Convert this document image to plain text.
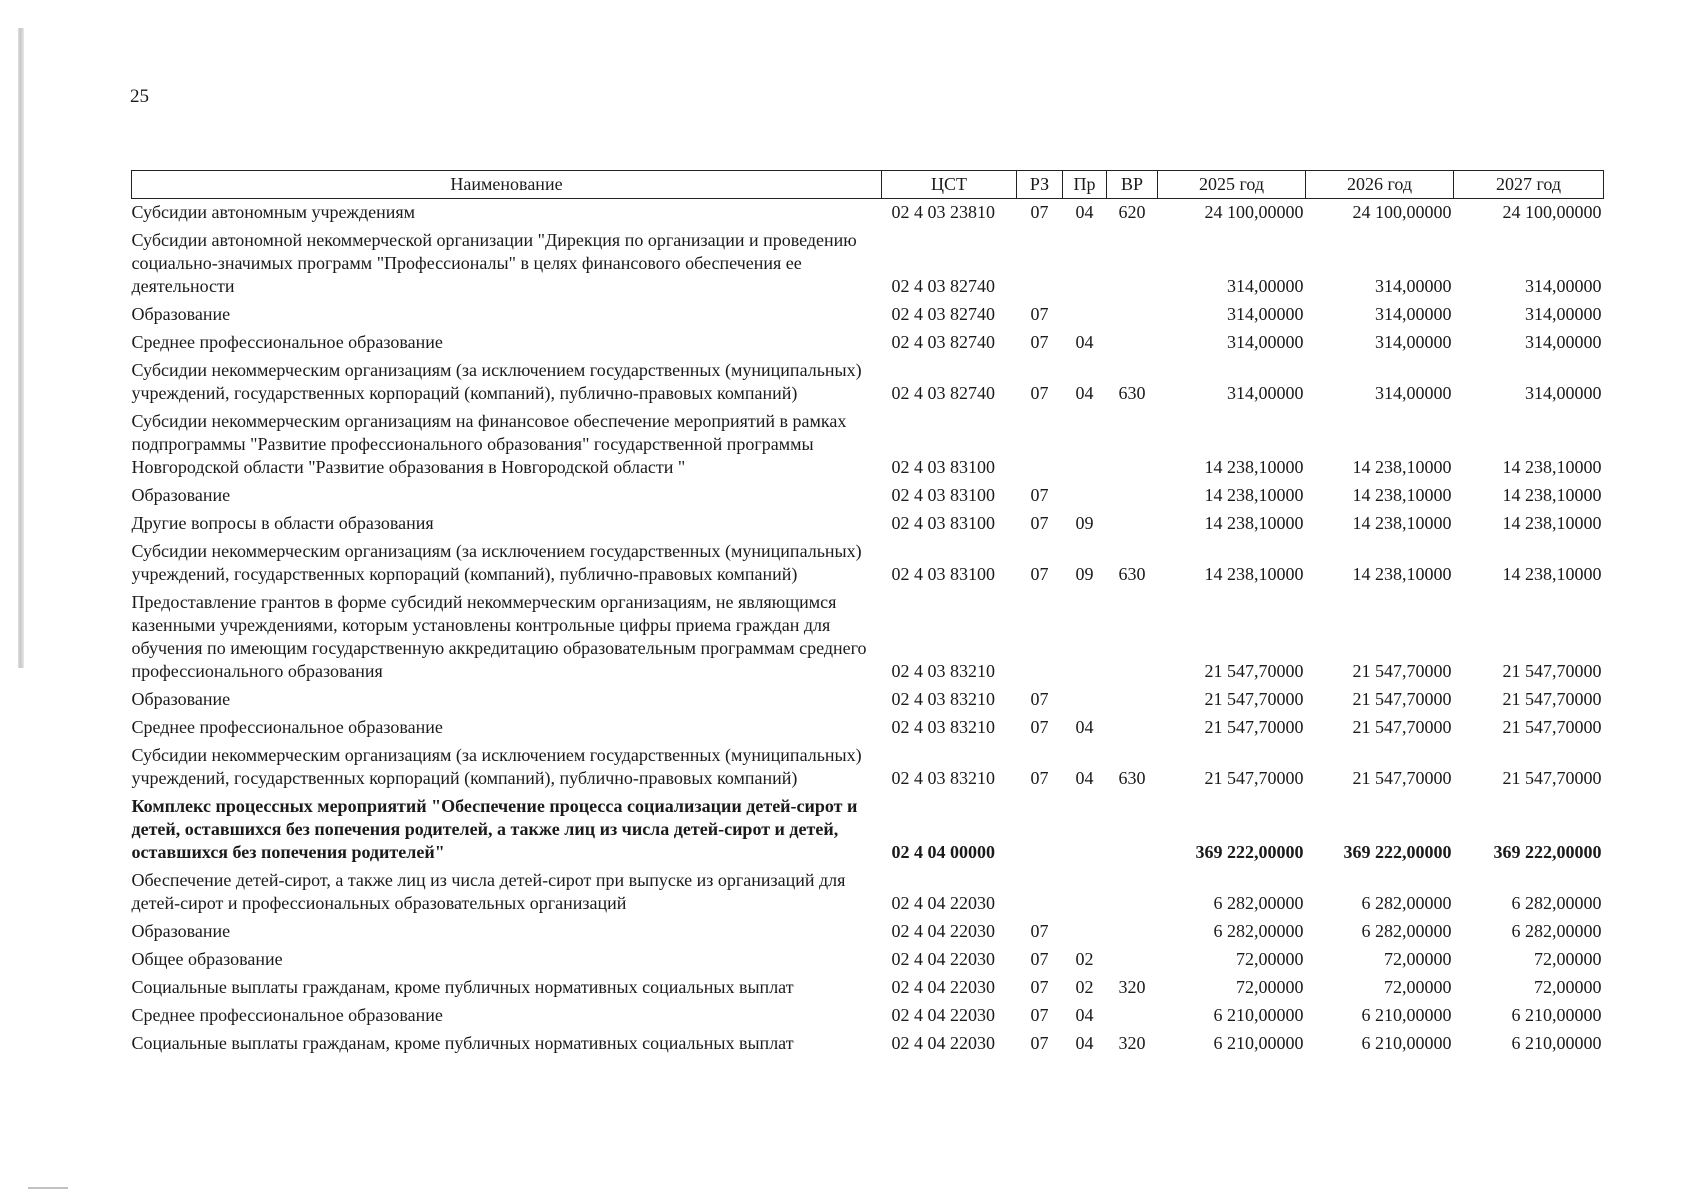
25
Наименование	ЦСТ	РЗ	Пр	ВР	2025 год	2026 год	2027 год
Субсидии автономным учреждениям	02 4 03 23810	07	04	620	24 100,00000	24 100,00000	24 100,00000
Субсидии автономной некоммерческой организации "Дирекция по организации и проведению социально-значимых программ "Профессионалы" в целях финансового обеспечения ее деятельности	02 4 03 82740				314,00000	314,00000	314,00000
Образование	02 4 03 82740	07			314,00000	314,00000	314,00000
Среднее профессиональное образование	02 4 03 82740	07	04		314,00000	314,00000	314,00000
Субсидии некоммерческим организациям (за исключением государственных (муниципальных) учреждений, государственных корпораций (компаний), публично-правовых компаний)	02 4 03 82740	07	04	630	314,00000	314,00000	314,00000
Субсидии некоммерческим организациям на финансовое обеспечение мероприятий в рамках подпрограммы "Развитие профессионального образования" государственной программы Новгородской области "Развитие образования в Новгородской области "	02 4 03 83100				14 238,10000	14 238,10000	14 238,10000
Образование	02 4 03 83100	07			14 238,10000	14 238,10000	14 238,10000
Другие вопросы в области образования	02 4 03 83100	07	09		14 238,10000	14 238,10000	14 238,10000
Субсидии некоммерческим организациям (за исключением государственных (муниципальных) учреждений, государственных корпораций (компаний), публично-правовых компаний)	02 4 03 83100	07	09	630	14 238,10000	14 238,10000	14 238,10000
Предоставление грантов в форме субсидий некоммерческим организациям, не являющимся казенными учреждениями, которым установлены контрольные цифры приема граждан для обучения по имеющим государственную аккредитацию образовательным программам среднего профессионального образования	02 4 03 83210				21 547,70000	21 547,70000	21 547,70000
Образование	02 4 03 83210	07			21 547,70000	21 547,70000	21 547,70000
Среднее профессиональное образование	02 4 03 83210	07	04		21 547,70000	21 547,70000	21 547,70000
Субсидии некоммерческим организациям (за исключением государственных (муниципальных) учреждений, государственных корпораций (компаний), публично-правовых компаний)	02 4 03 83210	07	04	630	21 547,70000	21 547,70000	21 547,70000
Комплекс процессных мероприятий "Обеспечение процесса социализации детей-сирот и детей, оставшихся без попечения родителей, а также лиц из числа детей-сирот и детей, оставшихся без попечения родителей"	02 4 04 00000				369 222,00000	369 222,00000	369 222,00000
Обеспечение детей-сирот, а также лиц из числа детей-сирот при выпуске из организаций для детей-сирот и профессиональных образовательных организаций	02 4 04 22030				6 282,00000	6 282,00000	6 282,00000
Образование	02 4 04 22030	07			6 282,00000	6 282,00000	6 282,00000
Общее образование	02 4 04 22030	07	02		72,00000	72,00000	72,00000
Социальные выплаты гражданам, кроме публичных нормативных социальных выплат	02 4 04 22030	07	02	320	72,00000	72,00000	72,00000
Среднее профессиональное образование	02 4 04 22030	07	04		6 210,00000	6 210,00000	6 210,00000
Социальные выплаты гражданам, кроме публичных нормативных социальных выплат	02 4 04 22030	07	04	320	6 210,00000	6 210,00000	6 210,00000
